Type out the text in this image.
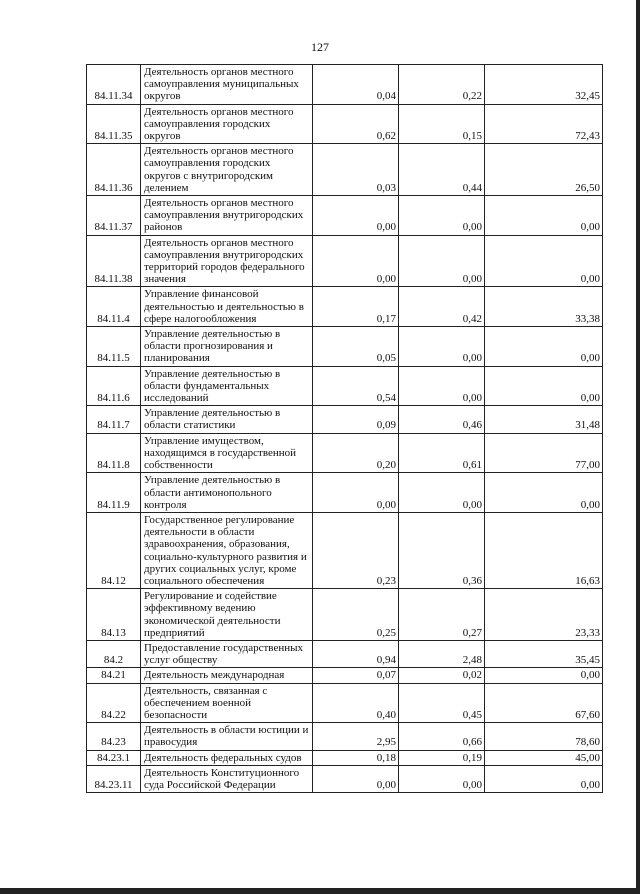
127
84.11.34	Деятельность органов местного самоуправления муниципальных округов	0,04	0,22	32,45
84.11.35	Деятельность органов местного самоуправления городских округов	0,62	0,15	72,43
84.11.36	Деятельность органов местного самоуправления городских округов с внутригородским делением	0,03	0,44	26,50
84.11.37	Деятельность органов местного самоуправления внутригородских районов	0,00	0,00	0,00
84.11.38	Деятельность органов местного самоуправления внутригородских территорий городов федерального значения	0,00	0,00	0,00
84.11.4	Управление финансовой деятельностью и деятельностью в сфере налогообложения	0,17	0,42	33,38
84.11.5	Управление деятельностью в области прогнозирования и планирования	0,05	0,00	0,00
84.11.6	Управление деятельностью в области фундаментальных исследований	0,54	0,00	0,00
84.11.7	Управление деятельностью в области статистики	0,09	0,46	31,48
84.11.8	Управление имуществом, находящимся в государственной собственности	0,20	0,61	77,00
84.11.9	Управление деятельностью в области антимонопольного контроля	0,00	0,00	0,00
84.12	Государственное регулирование деятельности в области здравоохранения, образования, социально-культурного развития и других социальных услуг, кроме социального обеспечения	0,23	0,36	16,63
84.13	Регулирование и содействие эффективному ведению экономической деятельности предприятий	0,25	0,27	23,33
84.2	Предоставление государственных услуг обществу	0,94	2,48	35,45
84.21	Деятельность международная	0,07	0,02	0,00
84.22	Деятельность, связанная с обеспечением военной безопасности	0,40	0,45	67,60
84.23	Деятельность в области юстиции и правосудия	2,95	0,66	78,60
84.23.1	Деятельность федеральных судов	0,18	0,19	45,00
84.23.11	Деятельность Конституционного суда Российской Федерации	0,00	0,00	0,00
